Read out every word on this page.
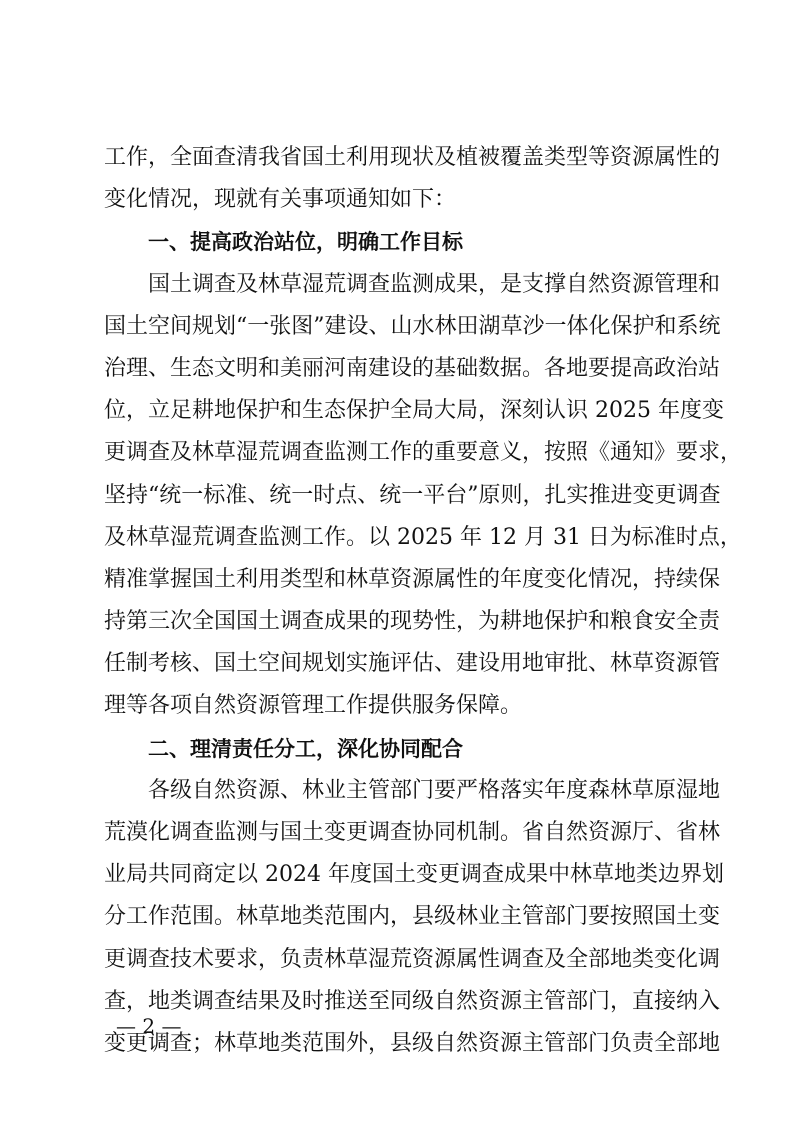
工作，全面查清我省国土利用现状及植被覆盖类型等资源属性的
变化情况，现就有关事项通知如下：
一、提高政治站位，明确工作目标
国土调查及林草湿荒调查监测成果，是支撑自然资源管理和
国土空间规划“一张图”建设、山水林田湖草沙一体化保护和系统
治理、生态文明和美丽河南建设的基础数据。各地要提高政治站
位，立足耕地保护和生态保护全局大局，深刻认识 2025 年度变
更调查及林草湿荒调查监测工作的重要意义，按照《通知》要求，
坚持“统一标准、统一时点、统一平台”原则，扎实推进变更调查
及林草湿荒调查监测工作。以 2025 年 12 月 31 日为标准时点，
精准掌握国土利用类型和林草资源属性的年度变化情况，持续保
持第三次全国国土调查成果的现势性，为耕地保护和粮食安全责
任制考核、国土空间规划实施评估、建设用地审批、林草资源管
理等各项自然资源管理工作提供服务保障。
二、理清责任分工，深化协同配合
各级自然资源、林业主管部门要严格落实年度森林草原湿地
荒漠化调查监测与国土变更调查协同机制。省自然资源厅、省林
业局共同商定以 2024 年度国土变更调查成果中林草地类边界划
分工作范围。林草地类范围内，县级林业主管部门要按照国土变
更调查技术要求，负责林草湿荒资源属性调查及全部地类变化调
查，地类调查结果及时推送至同级自然资源主管部门，直接纳入
变更调查；林草地类范围外，县级自然资源主管部门负责全部地
— 2 —
